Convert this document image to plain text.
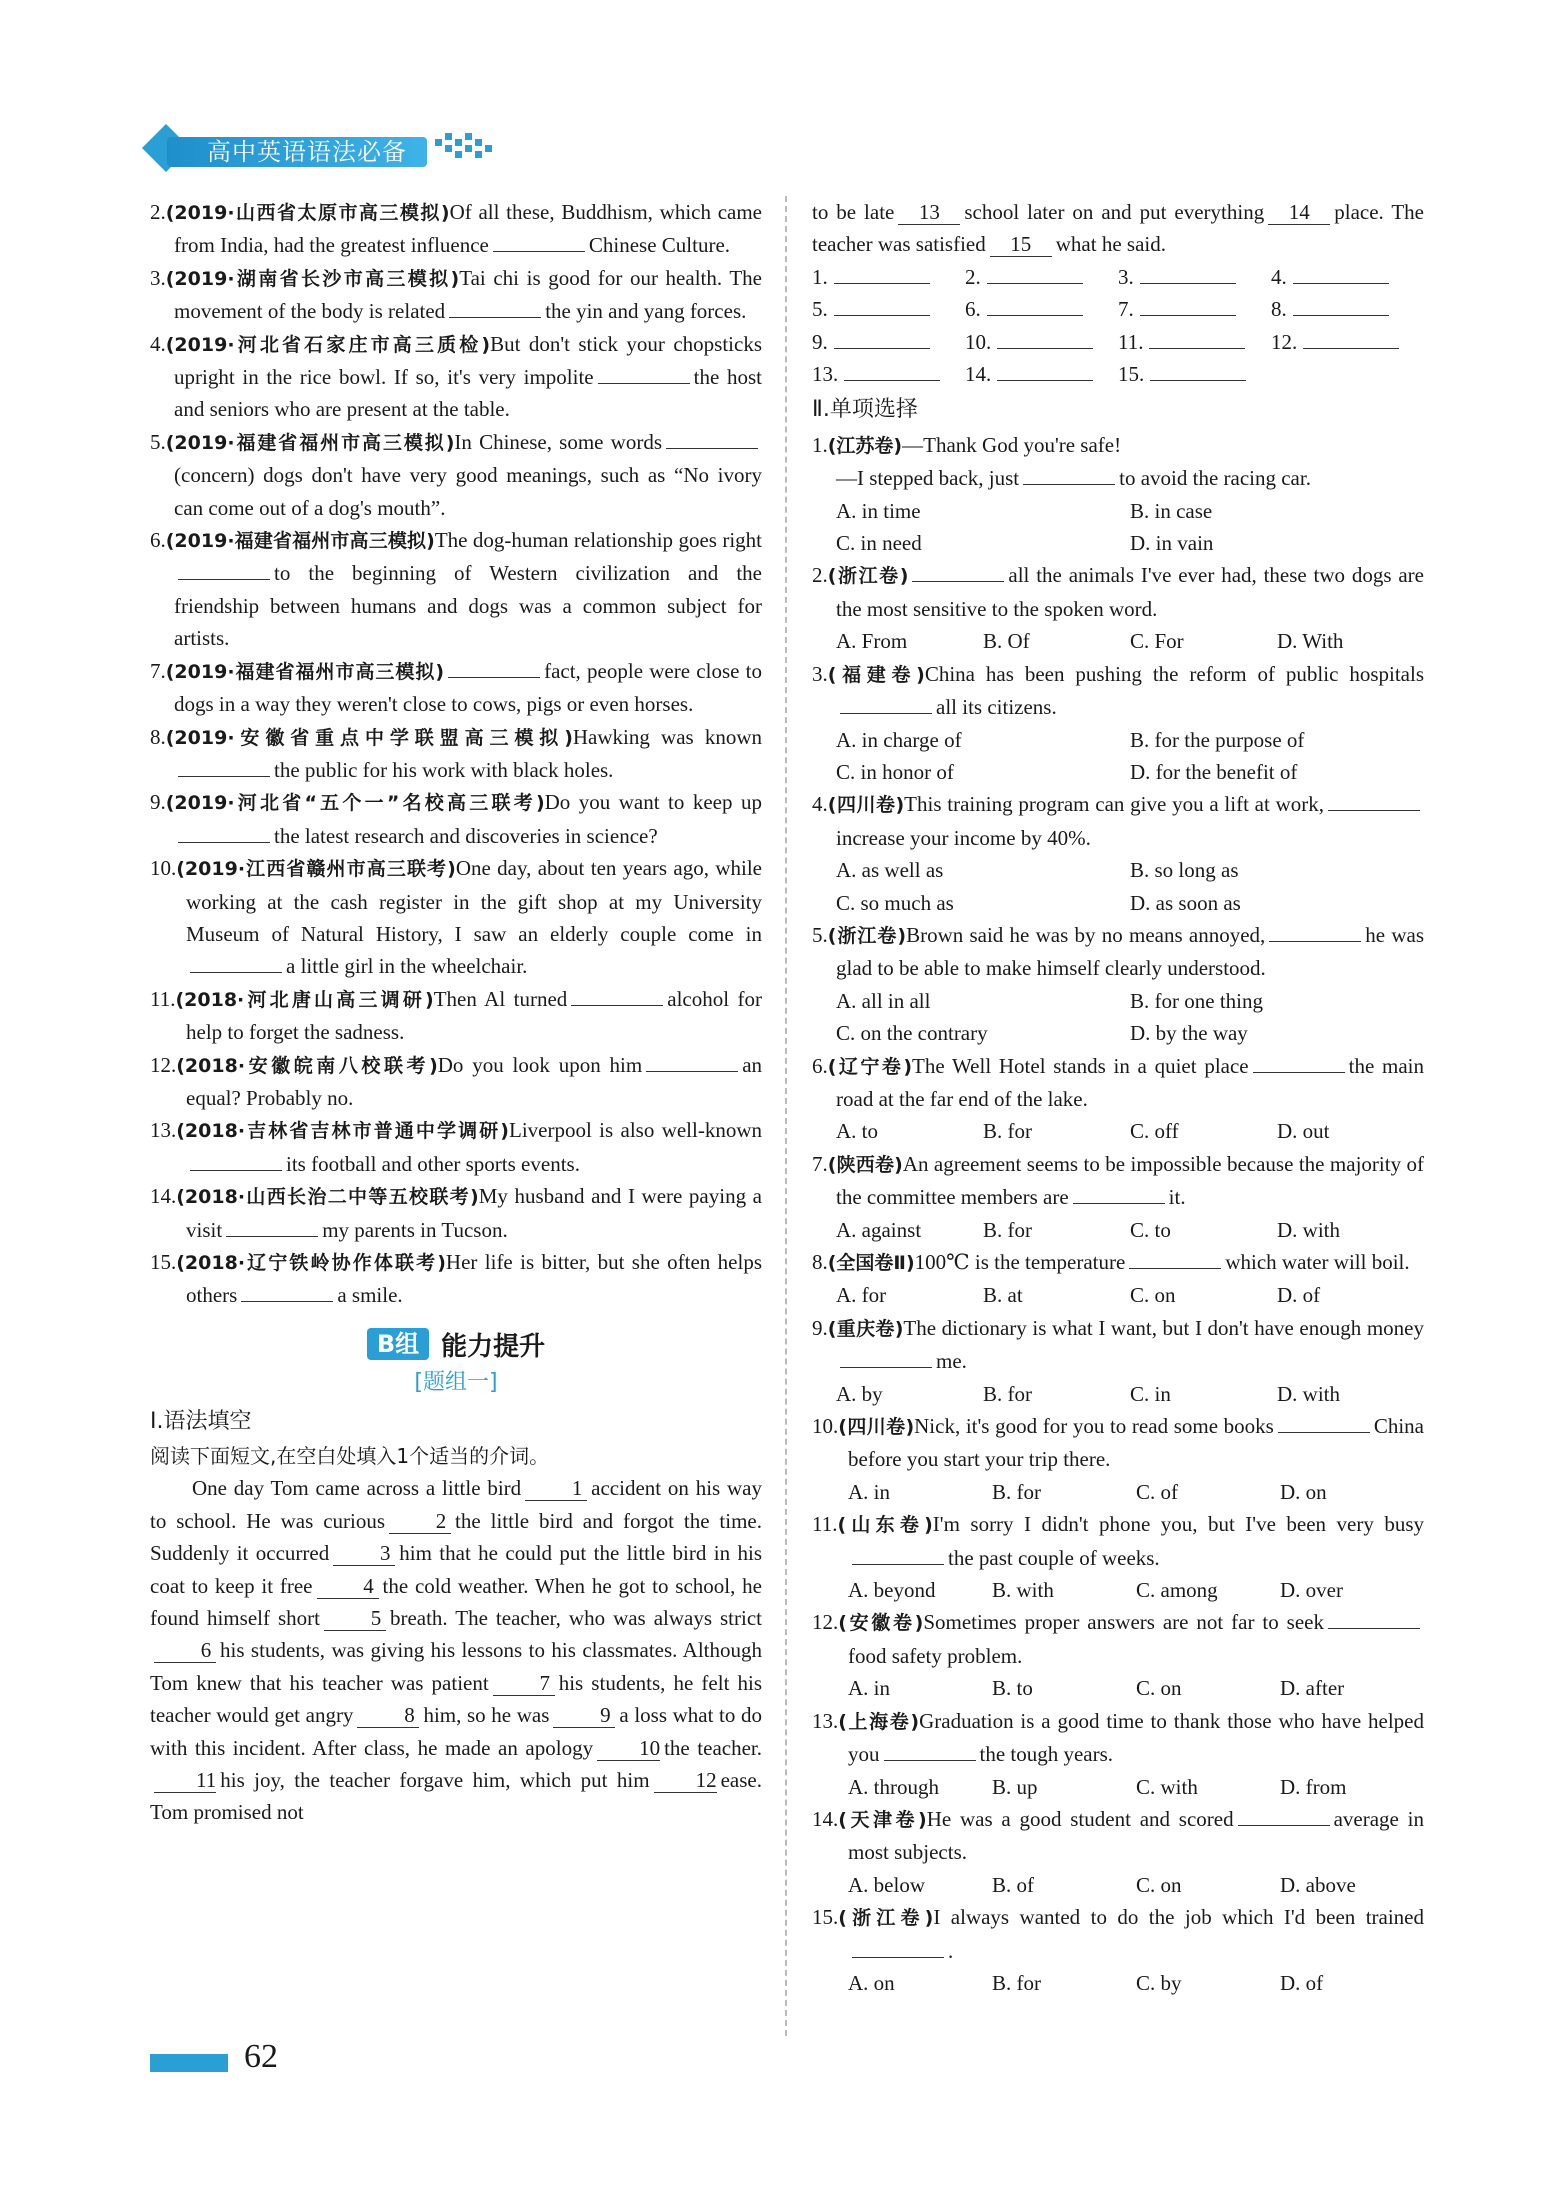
高中英语语法必备
2.(2019·山西省太原市高三模拟)Of all these, Buddhism, which came from India, had the greatest influence	Chinese Culture.
3.(2019·湖南省长沙市高三模拟)Tai chi is good for our health. The movement of the body is related	the yin and yang forces.
4.(2019·河北省石家庄市高三质检)But don't stick your chopsticks upright in the rice bowl. If so, it's very impolite	the host and seniors who are present at the table.
5.(2019·福建省福州市高三模拟)In Chinese, some words(concern) dogs don't have very good meanings, such as “No ivory can come out of a dog's mouth”.
6.(2019·福建省福州市高三模拟)The dog-human relationship goes rightto the beginning of Western civilization and the friendship between humans and dogs was a common subject for artists.
7.(2019·福建省福州市高三模拟)	fact, people were close to dogs in a way they weren't close to cows, pigs or even horses.
8.(2019·安徽省重点中学联盟高三模拟)Hawking was knownthe public for his work with black holes.
9.(2019·河北省“五个一”名校高三联考)Do you want to keep upthe latest research and discoveries in science?
10.(2019·江西省赣州市高三联考)One day, about ten years ago, while working at the cash register in the gift shop at my University Museum of Natural History, I saw an elderly couple come ina little girl in the wheelchair.
11.(2018·河北唐山高三调研)Then Al turned	alcohol for help to forget the sadness.
12.(2018·安徽皖南八校联考)Do you look upon him	an equal? Probably no.
13.(2018·吉林省吉林市普通中学调研)Liverpool is also well-knownits football and other sports events.
14.(2018·山西长治二中等五校联考)My husband and I were paying a visit	my parents in Tucson.
15.(2018·辽宁铁岭协作体联考)Her life is bitter, but she often helps others	a smile.
B组 能力提升
[题组一]
Ⅰ.语法填空
阅读下面短文,在空白处填入1个适当的介词。
One day Tom came across a little bird 1 accident on his way to school. He was curious 2 the little bird and forgot the time. Suddenly it occurred 3 him that he could put the little bird in his coat to keep it free 4 the cold weather. When he got to school, he found himself short 5 breath. The teacher, who was always strict6 his students, was giving his lessons to his classmates. Although Tom knew that his teacher was patient 7 his students, he felt his teacher would get angry 8 him, so he was 9 a loss what to do with this incident. After class, he made an apology 10 the teacher.11 his joy, the teacher forgave him, which put him 12 ease. Tom promised not
to be late 13 school later on and put everything 14 place. The teacher was satisfied 15 what he said.
1.	2.	3.	4.
5.	6.	7.	8.
9.	10.	11.	12.
13.	14.	15.
Ⅱ.单项选择
1.(江苏卷)—Thank God you're safe!
—I stepped back, just	to avoid the racing car.
A. in time	B. in case
C. in need	D. in vain
2.(浙江卷)	all the animals I've ever had, these two dogs are the most sensitive to the spoken word.
A. From	B. Of	C. For	D. With
3.(福建卷)China has been pushing the reform of public hospitalsall its citizens.
A. in charge of	B. for the purpose of
C. in honor of	D. for the benefit of
4.(四川卷)This training program can give you a lift at work,increase your income by 40%.
A. as well as	B. so long as
C. so much as	D. as soon as
5.(浙江卷)Brown said he was by no means annoyed,	he was glad to be able to make himself clearly understood.
A. all in all	B. for one thing
C. on the contrary	D. by the way
6.(辽宁卷)The Well Hotel stands in a quiet place	the main road at the far end of the lake.
A. to	B. for	C. off	D. out
7.(陕西卷)An agreement seems to be impossible because the majority of the committee members are	it.
A. against	B. for	C. to	D. with
8.(全国卷Ⅱ)100℃ is the temperature	which water will boil.
A. for	B. at	C. on	D. of
9.(重庆卷)The dictionary is what I want, but I don't have enough moneyme.
A. by	B. for	C. in	D. with
10.(四川卷)Nick, it's good for you to read some books	China before you start your trip there.
A. in	B. for	C. of	D. on
11.(山东卷)I'm sorry I didn't phone you, but I've been very busythe past couple of weeks.
A. beyond	B. with	C. among	D. over
12.(安徽卷)Sometimes proper answers are not far to seekfood safety problem.
A. in	B. to	C. on	D. after
13.(上海卷)Graduation is a good time to thank those who have helped you	the tough years.
A. through	B. up	C. with	D. from
14.(天津卷)He was a good student and scored	average in most subjects.
A. below	B. of	C. on	D. above
15.(浙江卷)I always wanted to do the job which I'd been trained.
A. on	B. for	C. by	D. of
62
